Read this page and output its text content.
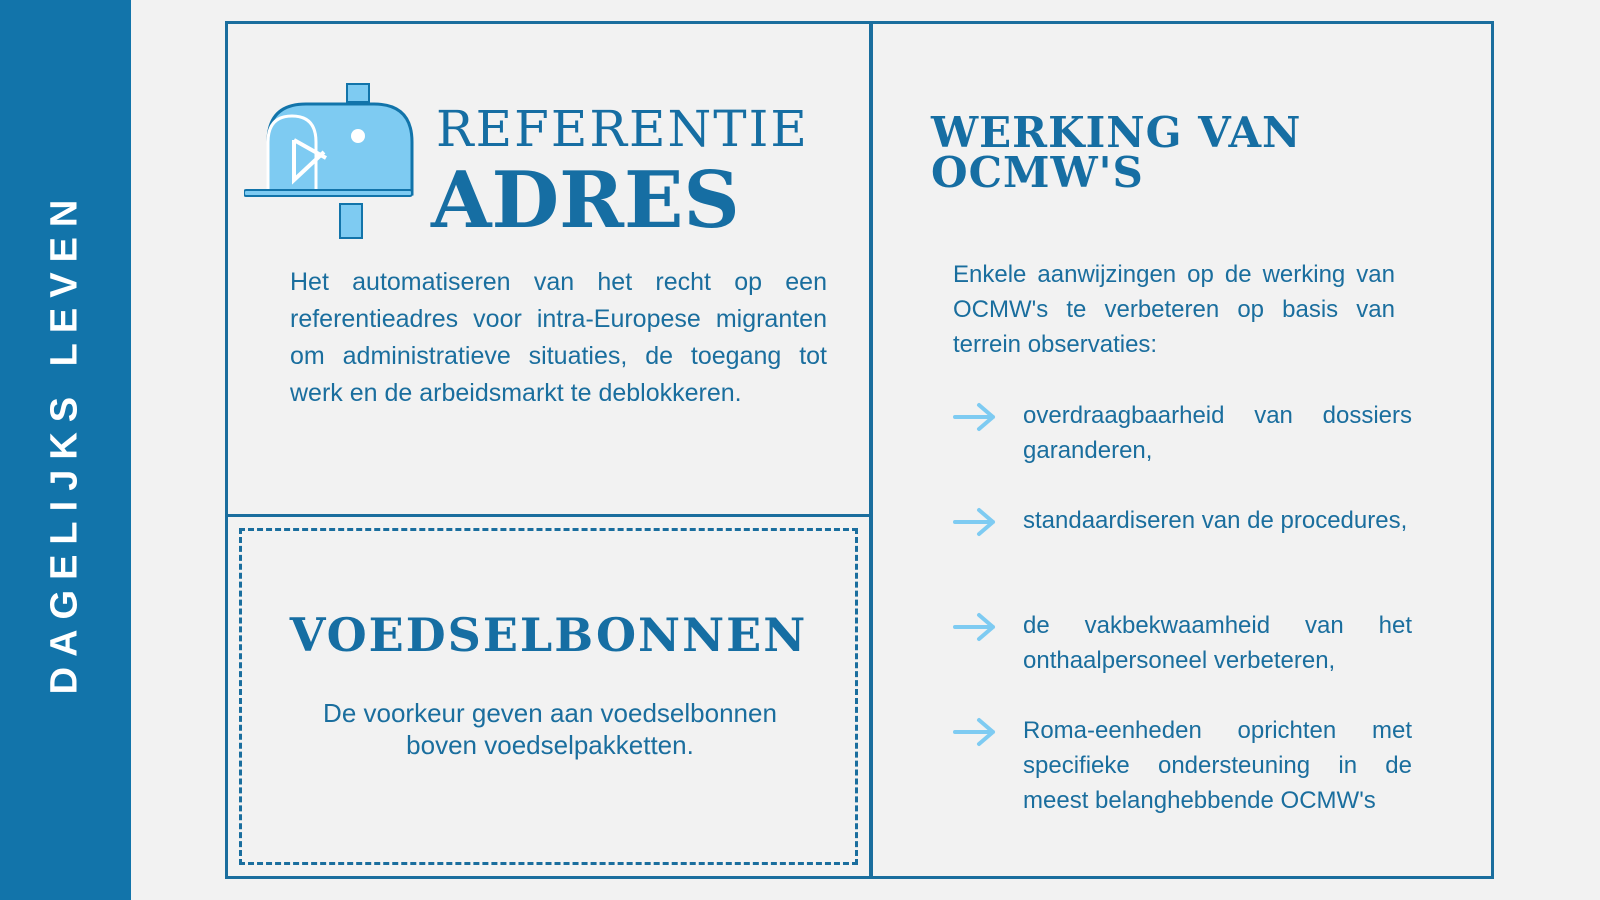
DAGELIJKS LEVEN
REFERENTIE
ADRES

Het automatiseren van het recht op een referentieadres voor intra-Europese migranten om administratieve situaties, de toegang tot werk en de arbeidsmarkt te deblokkeren.

VOEDSELBONNEN
De voorkeur geven aan voedselbonnen boven voedselpakketten.
WERKING VAN OCMW'S

Enkele aanwijzingen op de werking van OCMW's te verbeteren op basis van terrein observaties:

overdraagbaarheid van dossiers garanderen,

standaardiseren van de procedures,

de vakbekwaamheid van het onthaalpersoneel verbeteren,

Roma-eenheden oprichten met specifieke ondersteuning in de meest belanghebbende OCMW's
